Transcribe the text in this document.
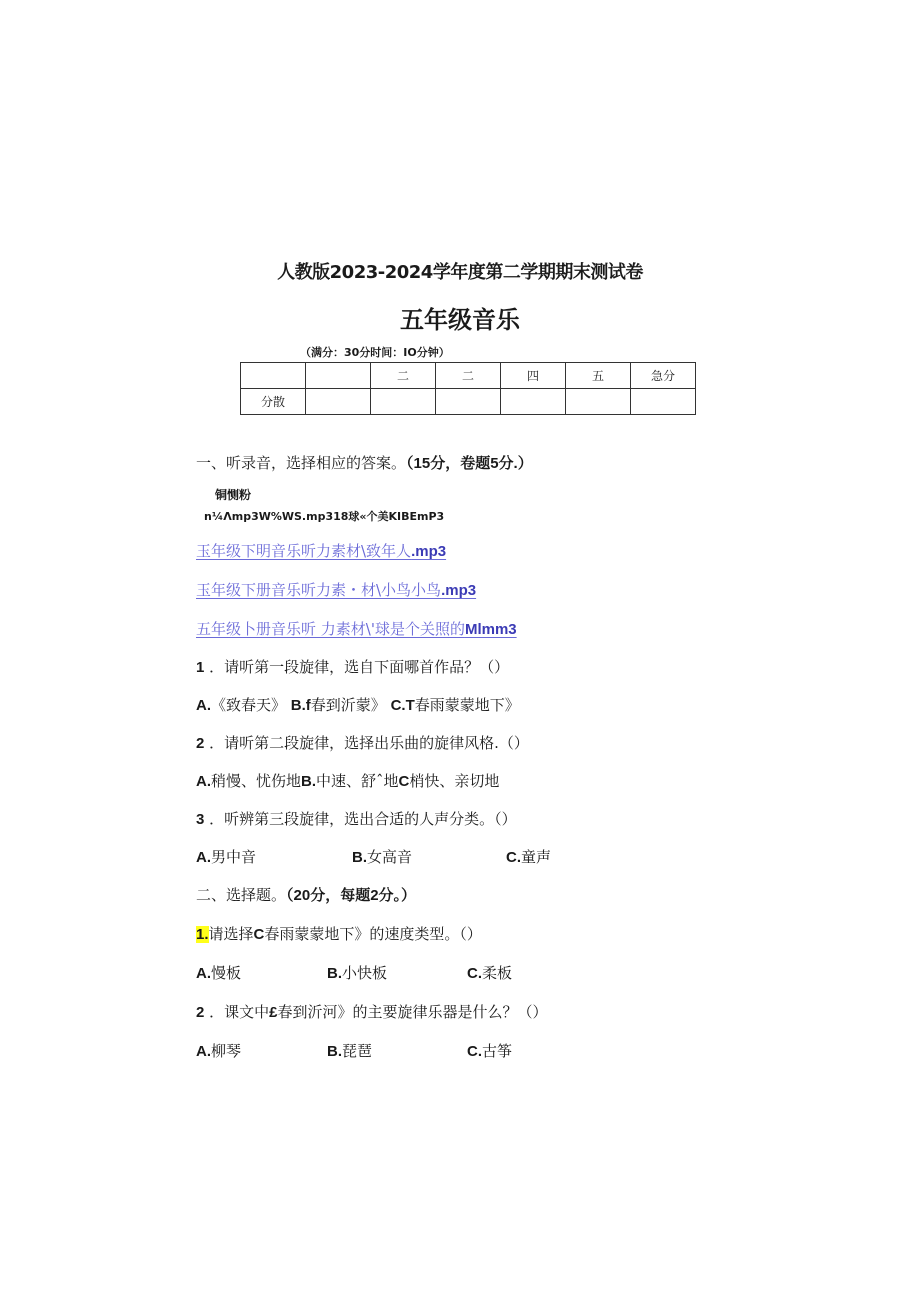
人教版2023-2024学年度第二学期期末测试卷
五年级音乐
（满分：30分时间：IO分钟）
		二	二	四	五	急分
分散						
一、听录音，选择相应的答案。（15分，卷题5分.）
铜恻粉
n¼Λmp3W%WS.mp318球«个美KIBEmP3
玉年级下明音乐听力素材\致年人.mp3
玉年级下册音乐听力素・材\小鸟小鸟.mp3
五年级卜册音乐听 力素材\'球是个关照的Mlmm3
1 ．请听第一段旋律，选自下面哪首作品？（）
A.《致春天》 B.f春到沂蒙》 C.T春雨蒙蒙地下》
2 ．请听第二段旋律，选择出乐曲的旋律风格.（）
A.稍慢、忧伤地B.中速、舒ˆ地C梢快、亲切地
3 ．听辨第三段旋律，选出合适的人声分类。（）
A.男中音	B.女高音	C.童声
二、选择题。（20分，每题2分。）
1.请选择C春雨蒙蒙地下》的速度类型。（）
A.慢板	B.小快板	C.柔板
2 ．课文中£春到沂河》的主要旋律乐器是什么？（）
A.柳琴	B.琵琶	C.古筝
